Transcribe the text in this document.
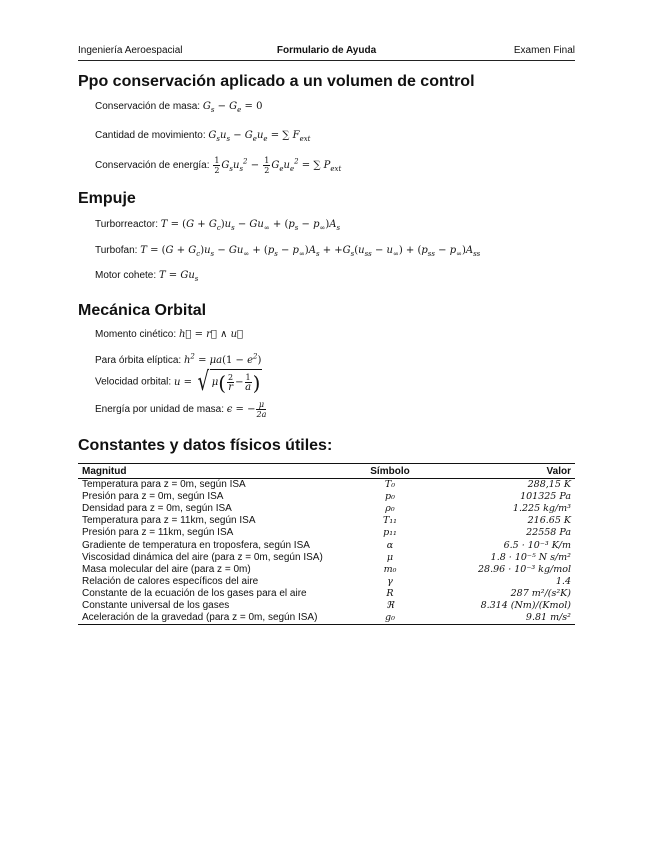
Ingeniería Aeroespacial	Formulario de Ayuda	Examen Final
Ppo conservación aplicado a un volumen de control
Conservación de masa: $G_s - G_e = 0$
Cantidad de movimiento: $G_su_s - G_eu_e$ = ∑ $F_{ext}$
Conservación de energía: $\frac{1}{2} G_su_s^2 - \frac{1}{2} G_eu_e^2$ = ∑ $P_{ext}$
Empuje
Turborreactor: $T = (G + G_c)u_s - Gu_\infty + (p_s - p_\infty)A_s$
Turbofan: $T = (G + G_c)u_s - Gu_\infty + (p_s - p_\infty)A_s + +G_s(u_{ss} - u_\infty) + (p_{ss} - p_\infty)A_{ss}$
Motor cohete: $T = Gu_s$
Mecánica Orbital
Momento cinético: h⃗ = r⃗ ∧ u⃗
Para órbita elíptica: $h^2 = \mu a(1 - e^2)$
Velocidad orbital: u = √ μ ( $\frac{2}{r} - \frac{1}{a}$ )
Energía por unidad de masa: ϵ = − $\frac{\mu}{2a}$
Constantes y datos físicos útiles:
Magnitud	Símbolo	Valor
Temperatura para z = 0m, según ISA	T₀	288,15 K
Presión para z = 0m, según ISA	p₀	101325 Pa
Densidad para z = 0m, según ISA	ρ₀	1.225 kg/m³
Temperatura para z = 11km, según ISA	T₁₁	216.65 K
Presión para z = 11km, según ISA	p₁₁	22558 Pa
Gradiente de temperatura en troposfera, según ISA	α	6.5 · 10⁻³ K/m
Viscosidad dinámica del aire (para z = 0m, según ISA)	μ	1.8 · 10⁻⁵ N s/m²
Masa molecular del aire (para z = 0m)	m₀	28.96 · 10⁻³ kg/mol
Relación de calores específicos del aire	γ	1.4
Constante de la ecuación de los gases para el aire	R	287 m²/(s²K)
Constante universal de los gases	ℜ	8.314 (Nm)/(Kmol)
Aceleración de la gravedad (para z = 0m, según ISA)	g₀	9.81 m/s²
